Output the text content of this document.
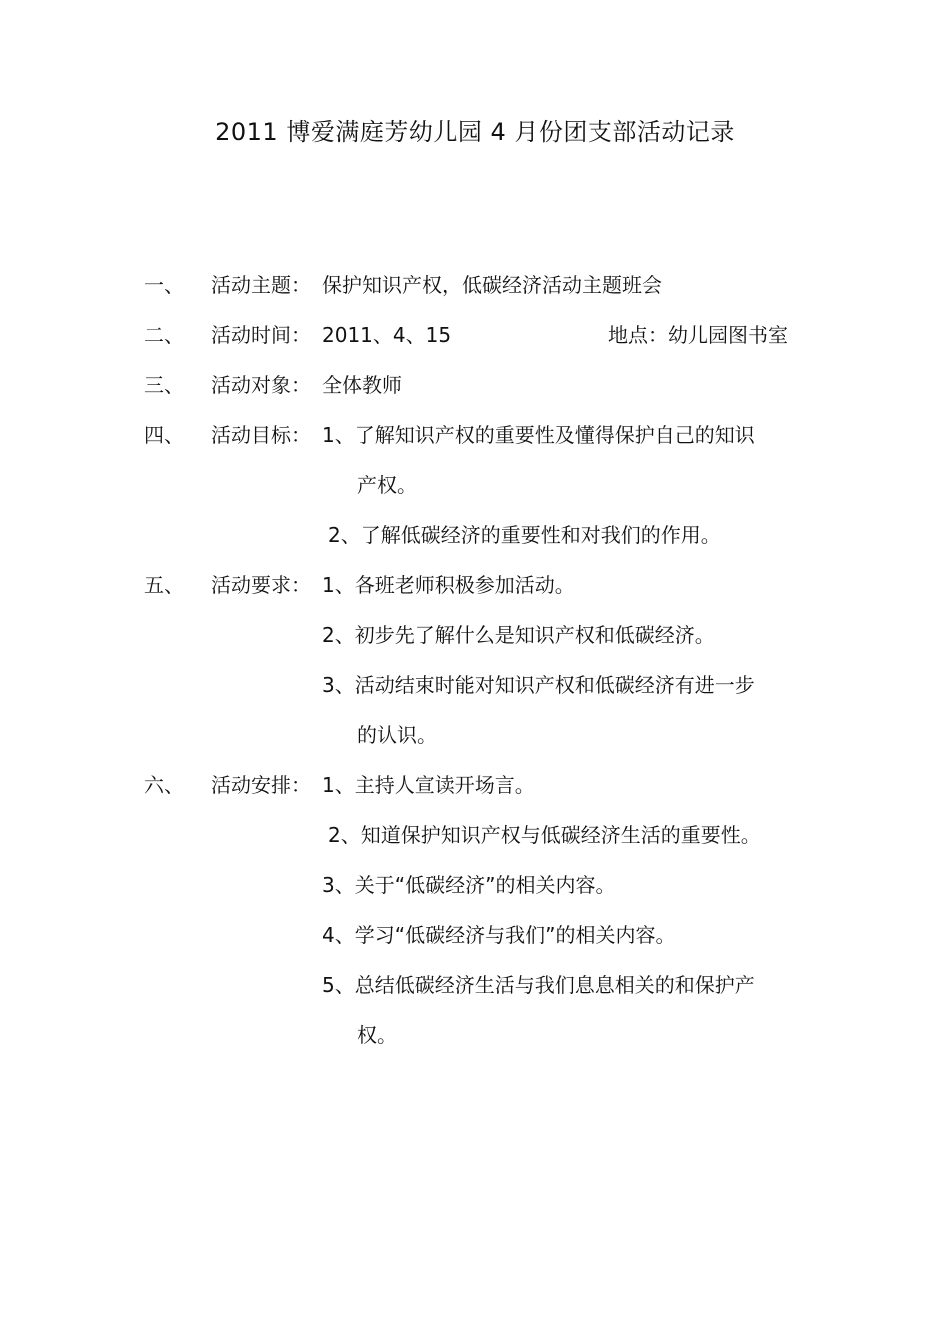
2011 博爱满庭芳幼儿园 4 月份团支部活动记录
一、 活动主题： 保护知识产权，低碳经济活动主题班会
二、 活动时间： 2011、4、15	地点：幼儿园图书室
三、 活动对象： 全体教师
四、 活动目标： 1、了解知识产权的重要性及懂得保护自己的知识
产权。
2、了解低碳经济的重要性和对我们的作用。
五、 活动要求： 1、各班老师积极参加活动。
2、初步先了解什么是知识产权和低碳经济。
3、活动结束时能对知识产权和低碳经济有进一步
的认识。
六、 活动安排： 1、主持人宣读开场言。
2、知道保护知识产权与低碳经济生活的重要性。
3、关于“低碳经济”的相关内容。
4、学习“低碳经济与我们”的相关内容。
5、总结低碳经济生活与我们息息相关的和保护产
权。
